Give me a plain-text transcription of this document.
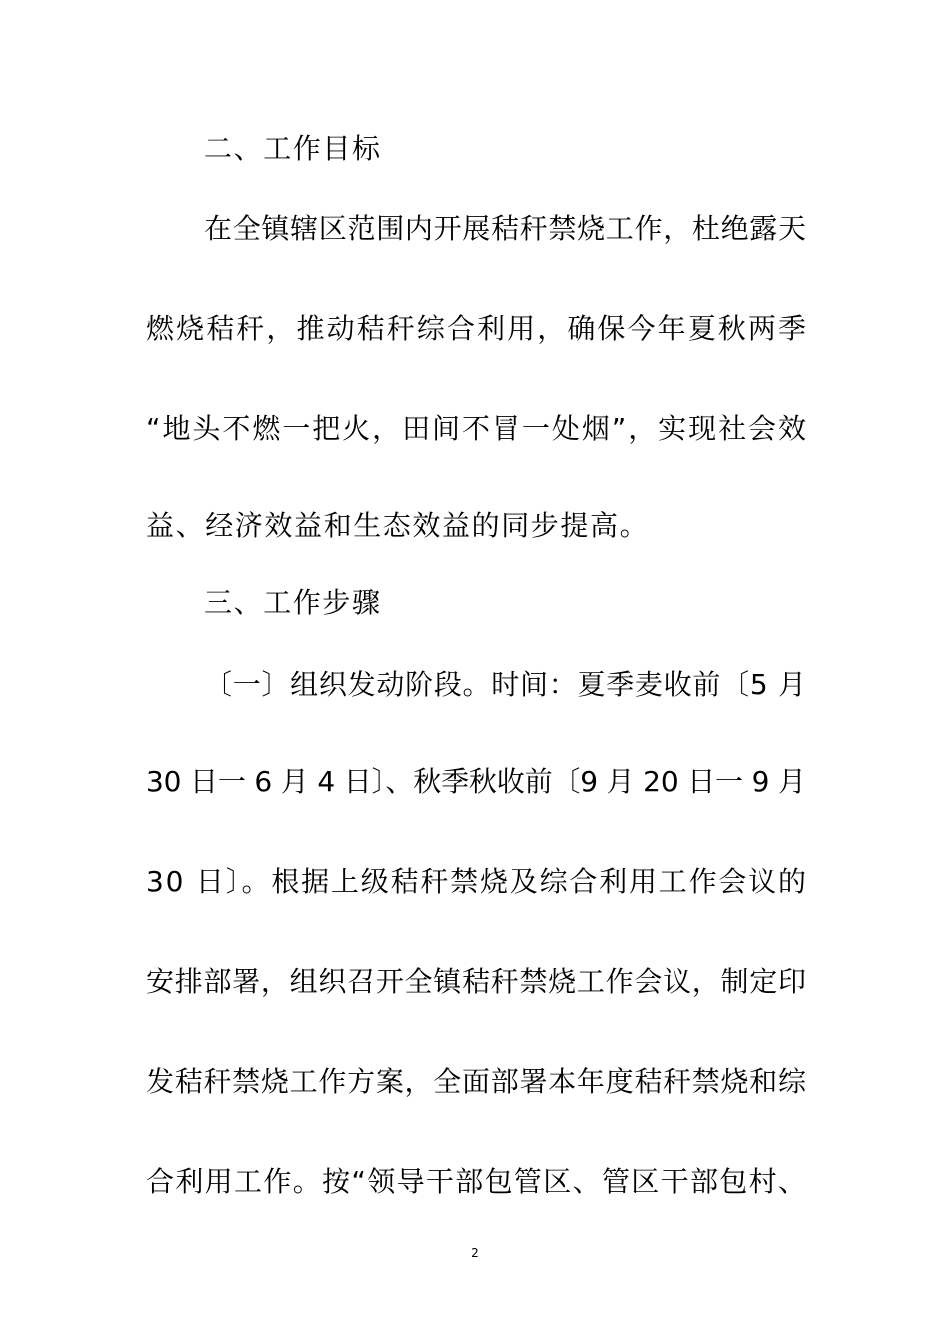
二、工作目标
在全镇辖区范围内开展秸秆禁烧工作，杜绝露天
燃烧秸秆，推动秸秆综合利用，确保今年夏秋两季
“地头不燃一把火，田间不冒一处烟”，实现社会效
益、经济效益和生态效益的同步提高。
三、工作步骤
〔一〕组织发动阶段。时间：夏季麦收前〔5 月
30 日一 6 月 4 日〕、秋季秋收前〔9 月 20 日一 9 月
30 日〕。根据上级秸秆禁烧及综合利用工作会议的
安排部署，组织召开全镇秸秆禁烧工作会议，制定印
发秸秆禁烧工作方案，全面部署本年度秸秆禁烧和综
合利用工作。按“领导干部包管区、管区干部包村、
2
